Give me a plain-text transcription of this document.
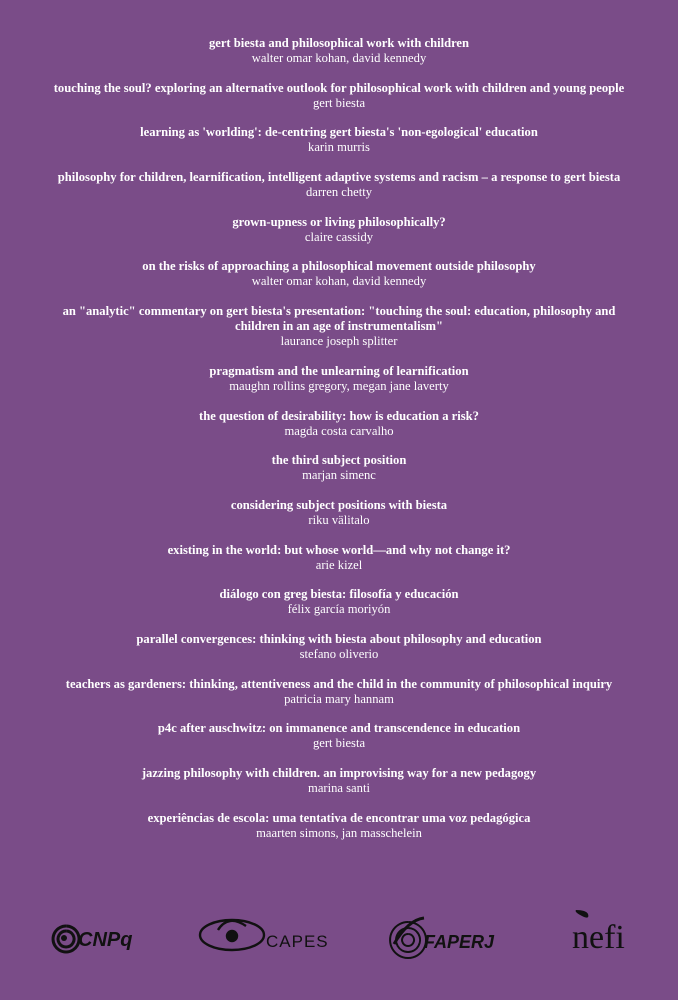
gert biesta and philosophical work with children
walter omar kohan, david kennedy
touching the soul? exploring an alternative outlook for philosophical work with children and young people
gert biesta
learning as 'worlding': de-centring gert biesta's 'non-egological' education
karin murris
philosophy for children, learnification, intelligent adaptive systems and racism – a response to gert biesta
darren chetty
grown-upness or living philosophically?
claire cassidy
on the risks of approaching a philosophical movement outside philosophy
walter omar kohan, david kennedy
an "analytic" commentary on gert biesta's presentation: "touching the soul: education, philosophy and children in an age of instrumentalism"
laurance joseph splitter
pragmatism and the unlearning of learnification
maughn rollins gregory, megan jane laverty
the question of desirability: how is education a risk?
magda costa carvalho
the third subject position
marjan simenc
considering subject positions with biesta
riku välitalo
existing in the world: but whose world—and why not change it?
arie kizel
diálogo con greg biesta: filosofía y educación
félix garcía moriyón
parallel convergences: thinking with biesta about philosophy and education
stefano oliverio
teachers as gardeners: thinking, attentiveness and the child in the community of philosophical inquiry
patricia mary hannam
p4c after auschwitz: on immanence and transcendence in education
gert biesta
jazzing philosophy with children. an improvising way for a new pedagogy
marina santi
experiências de escola: uma tentativa de encontrar uma voz pedagógica
maarten simons, jan masschelein
CNPq	CAPES	FAPERJ nefi
